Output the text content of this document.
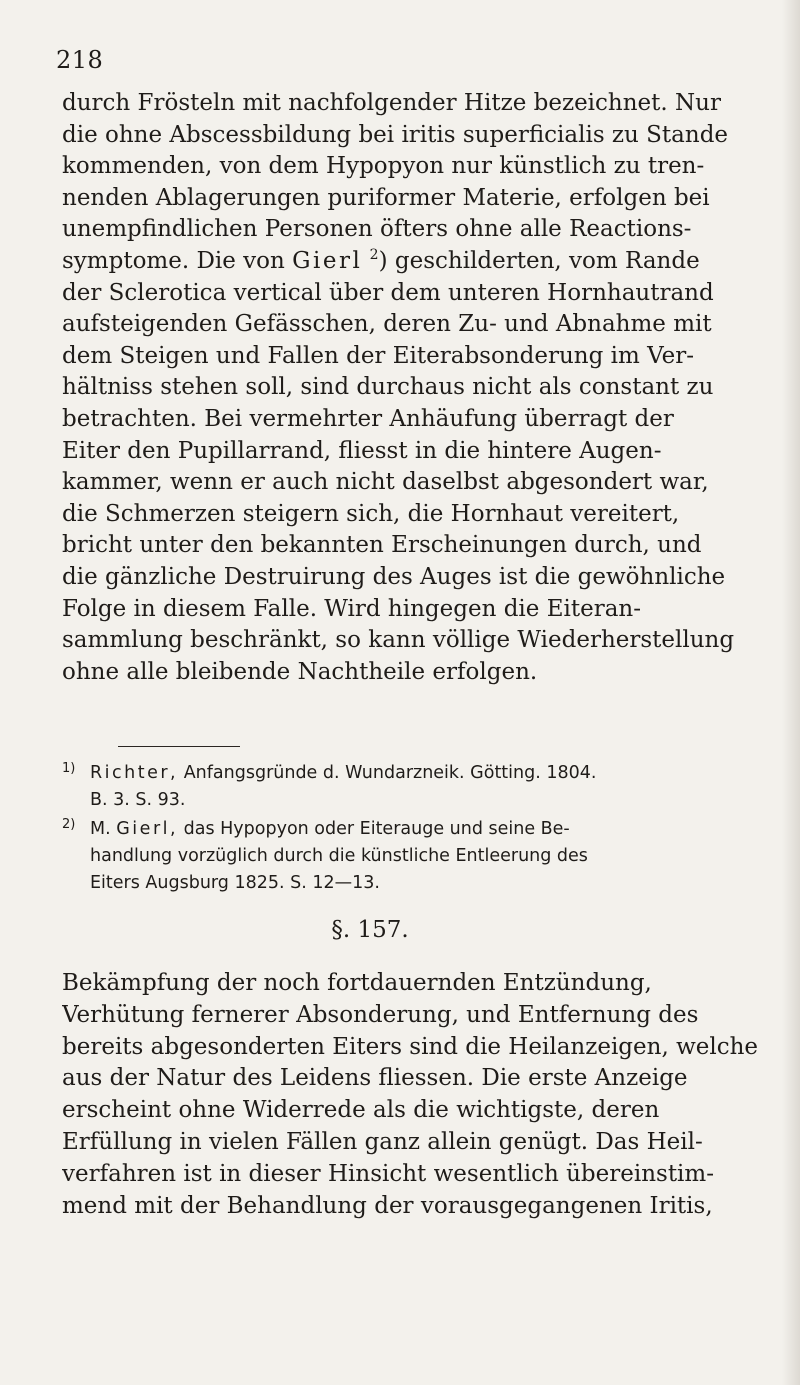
218
durch Frösteln mit nachfolgender Hitze bezeichnet. Nur
die ohne Abscessbildung bei iritis superficialis zu Stande
kommenden, von dem Hypopyon nur künstlich zu tren-
nenden Ablagerungen puriformer Materie, erfolgen bei
unempfindlichen Personen öfters ohne alle Reactions-
symptome. Die von Gierl $^2$) geschilderten, vom Rande
der Sclerotica vertical über dem unteren Hornhautrand
aufsteigenden Gefässchen, deren Zu- und Abnahme mit
dem Steigen und Fallen der Eiterabsonderung im Ver-
hältniss stehen soll, sind durchaus nicht als constant zu
betrachten. Bei vermehrter Anhäufung überragt der
Eiter den Pupillarrand, fliesst in die hintere Augen-
kammer, wenn er auch nicht daselbst abgesondert war,
die Schmerzen steigern sich, die Hornhaut vereitert,
bricht unter den bekannten Erscheinungen durch, und
die gänzliche Destruirung des Auges ist die gewöhnliche
Folge in diesem Falle. Wird hingegen die Eiteran-
sammlung beschränkt, so kann völlige Wiederherstellung
ohne alle bleibende Nachtheile erfolgen.
1) Richter, Anfangsgründe d. Wundarzneik. Götting. 1804.
B. 3. S. 93.
2) M. Gierl, das Hypopyon oder Eiterauge und seine Be-
handlung vorzüglich durch die künstliche Entleerung des
Eiters Augsburg 1825. S. 12—13.
§. 157.
Bekämpfung der noch fortdauernden Entzündung,
Verhütung fernerer Absonderung, und Entfernung des
bereits abgesonderten Eiters sind die Heilanzeigen, welche
aus der Natur des Leidens fliessen. Die erste Anzeige
erscheint ohne Widerrede als die wichtigste, deren
Erfüllung in vielen Fällen ganz allein genügt. Das Heil-
verfahren ist in dieser Hinsicht wesentlich übereinstim-
mend mit der Behandlung der vorausgegangenen Iritis,
